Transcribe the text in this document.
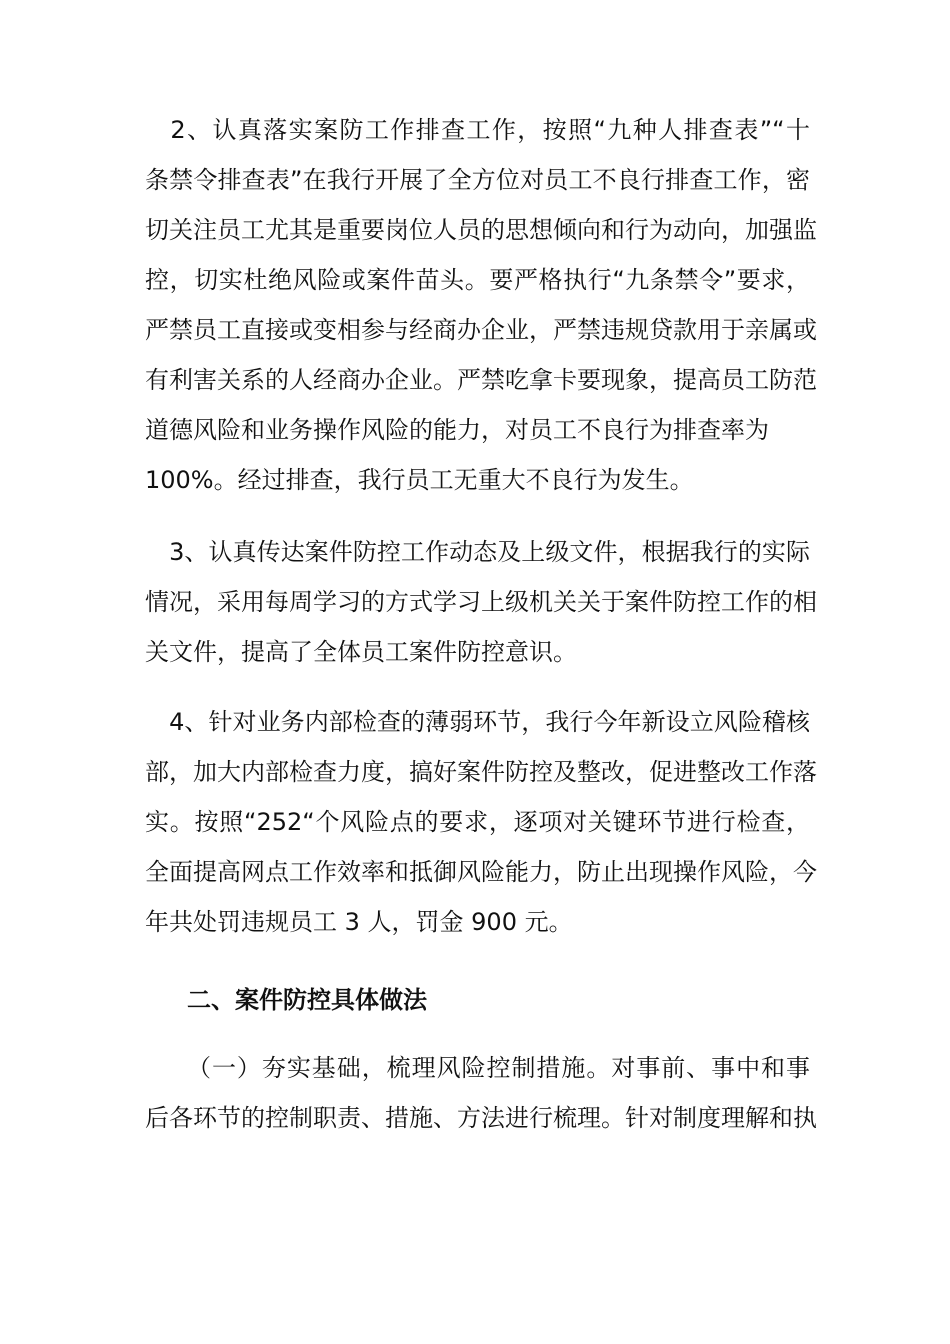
　2、认真落实案防工作排查工作，按照“九种人排查表”“十
条禁令排查表”在我行开展了全方位对员工不良行排查工作，密
切关注员工尤其是重要岗位人员的思想倾向和行为动向，加强监
控，切实杜绝风险或案件苗头。要严格执行“九条禁令”要求，
严禁员工直接或变相参与经商办企业，严禁违规贷款用于亲属或
有利害关系的人经商办企业。严禁吃拿卡要现象，提高员工防范
道德风险和业务操作风险的能力，对员工不良行为排查率为
100%。经过排查，我行员工无重大不良行为发生。
　3、认真传达案件防控工作动态及上级文件，根据我行的实际
情况，采用每周学习的方式学习上级机关关于案件防控工作的相
关文件，提高了全体员工案件防控意识。
　4、针对业务内部检查的薄弱环节，我行今年新设立风险稽核
部，加大内部检查力度，搞好案件防控及整改，促进整改工作落
实。按照“252“个风险点的要求，逐项对关键环节进行检查，
全面提高网点工作效率和抵御风险能力，防止出现操作风险，今
年共处罚违规员工 3 人，罚金 900 元。
二、案件防控具体做法
（一）夯实基础，梳理风险控制措施。对事前、事中和事
后各环节的控制职责、措施、方法进行梳理。针对制度理解和执
